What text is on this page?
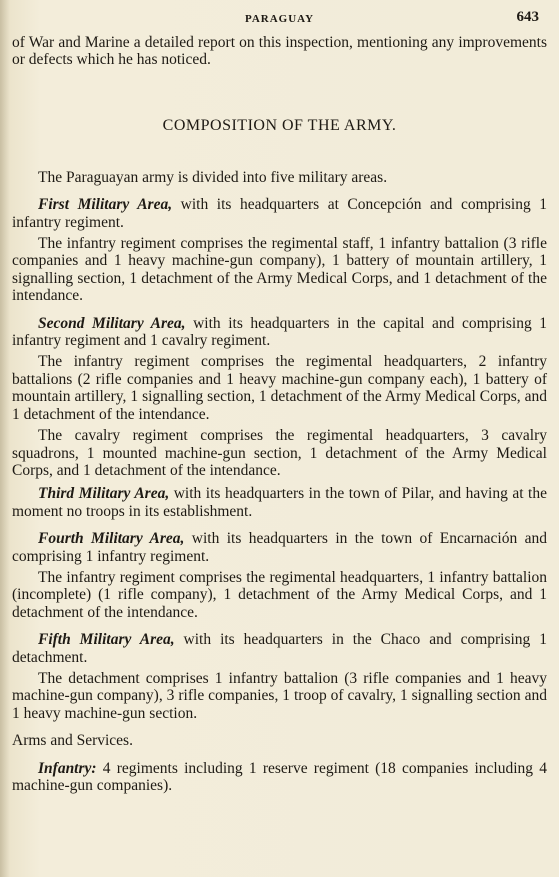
PARAGUAY	643

of War and Marine a detailed report on this inspection, mentioning any improvements or defects which he has noticed.

COMPOSITION OF THE ARMY.

The Paraguayan army is divided into five military areas.

First Military Area, with its headquarters at Concepción and comprising 1 infantry regiment.

The infantry regiment comprises the regimental staff, 1 infantry battalion (3 rifle companies and 1 heavy machine-gun company), 1 battery of mountain artillery, 1 signalling section, 1 detachment of the Army Medical Corps, and 1 detachment of the intendance.

Second Military Area, with its headquarters in the capital and comprising 1 infantry regiment and 1 cavalry regiment.

The infantry regiment comprises the regimental headquarters, 2 infantry battalions (2 rifle companies and 1 heavy machine-gun company each), 1 battery of mountain artillery, 1 signalling section, 1 detachment of the Army Medical Corps, and 1 detachment of the intendance.

The cavalry regiment comprises the regimental headquarters, 3 cavalry squadrons, 1 mounted machine-gun section, 1 detachment of the Army Medical Corps, and 1 detachment of the intendance.

Third Military Area, with its headquarters in the town of Pilar, and having at the moment no troops in its establishment.

Fourth Military Area, with its headquarters in the town of Encarnación and comprising 1 infantry regiment.

The infantry regiment comprises the regimental headquarters, 1 infantry battalion (incomplete) (1 rifle company), 1 detachment of the Army Medical Corps, and 1 detachment of the intendance.

Fifth Military Area, with its headquarters in the Chaco and comprising 1 detachment.

The detachment comprises 1 infantry battalion (3 rifle companies and 1 heavy machine-gun company), 3 rifle companies, 1 troop of cavalry, 1 signalling section and 1 heavy machine-gun section.

Arms and Services.

Infantry: 4 regiments including 1 reserve regiment (18 companies including 4 machine-gun companies).
